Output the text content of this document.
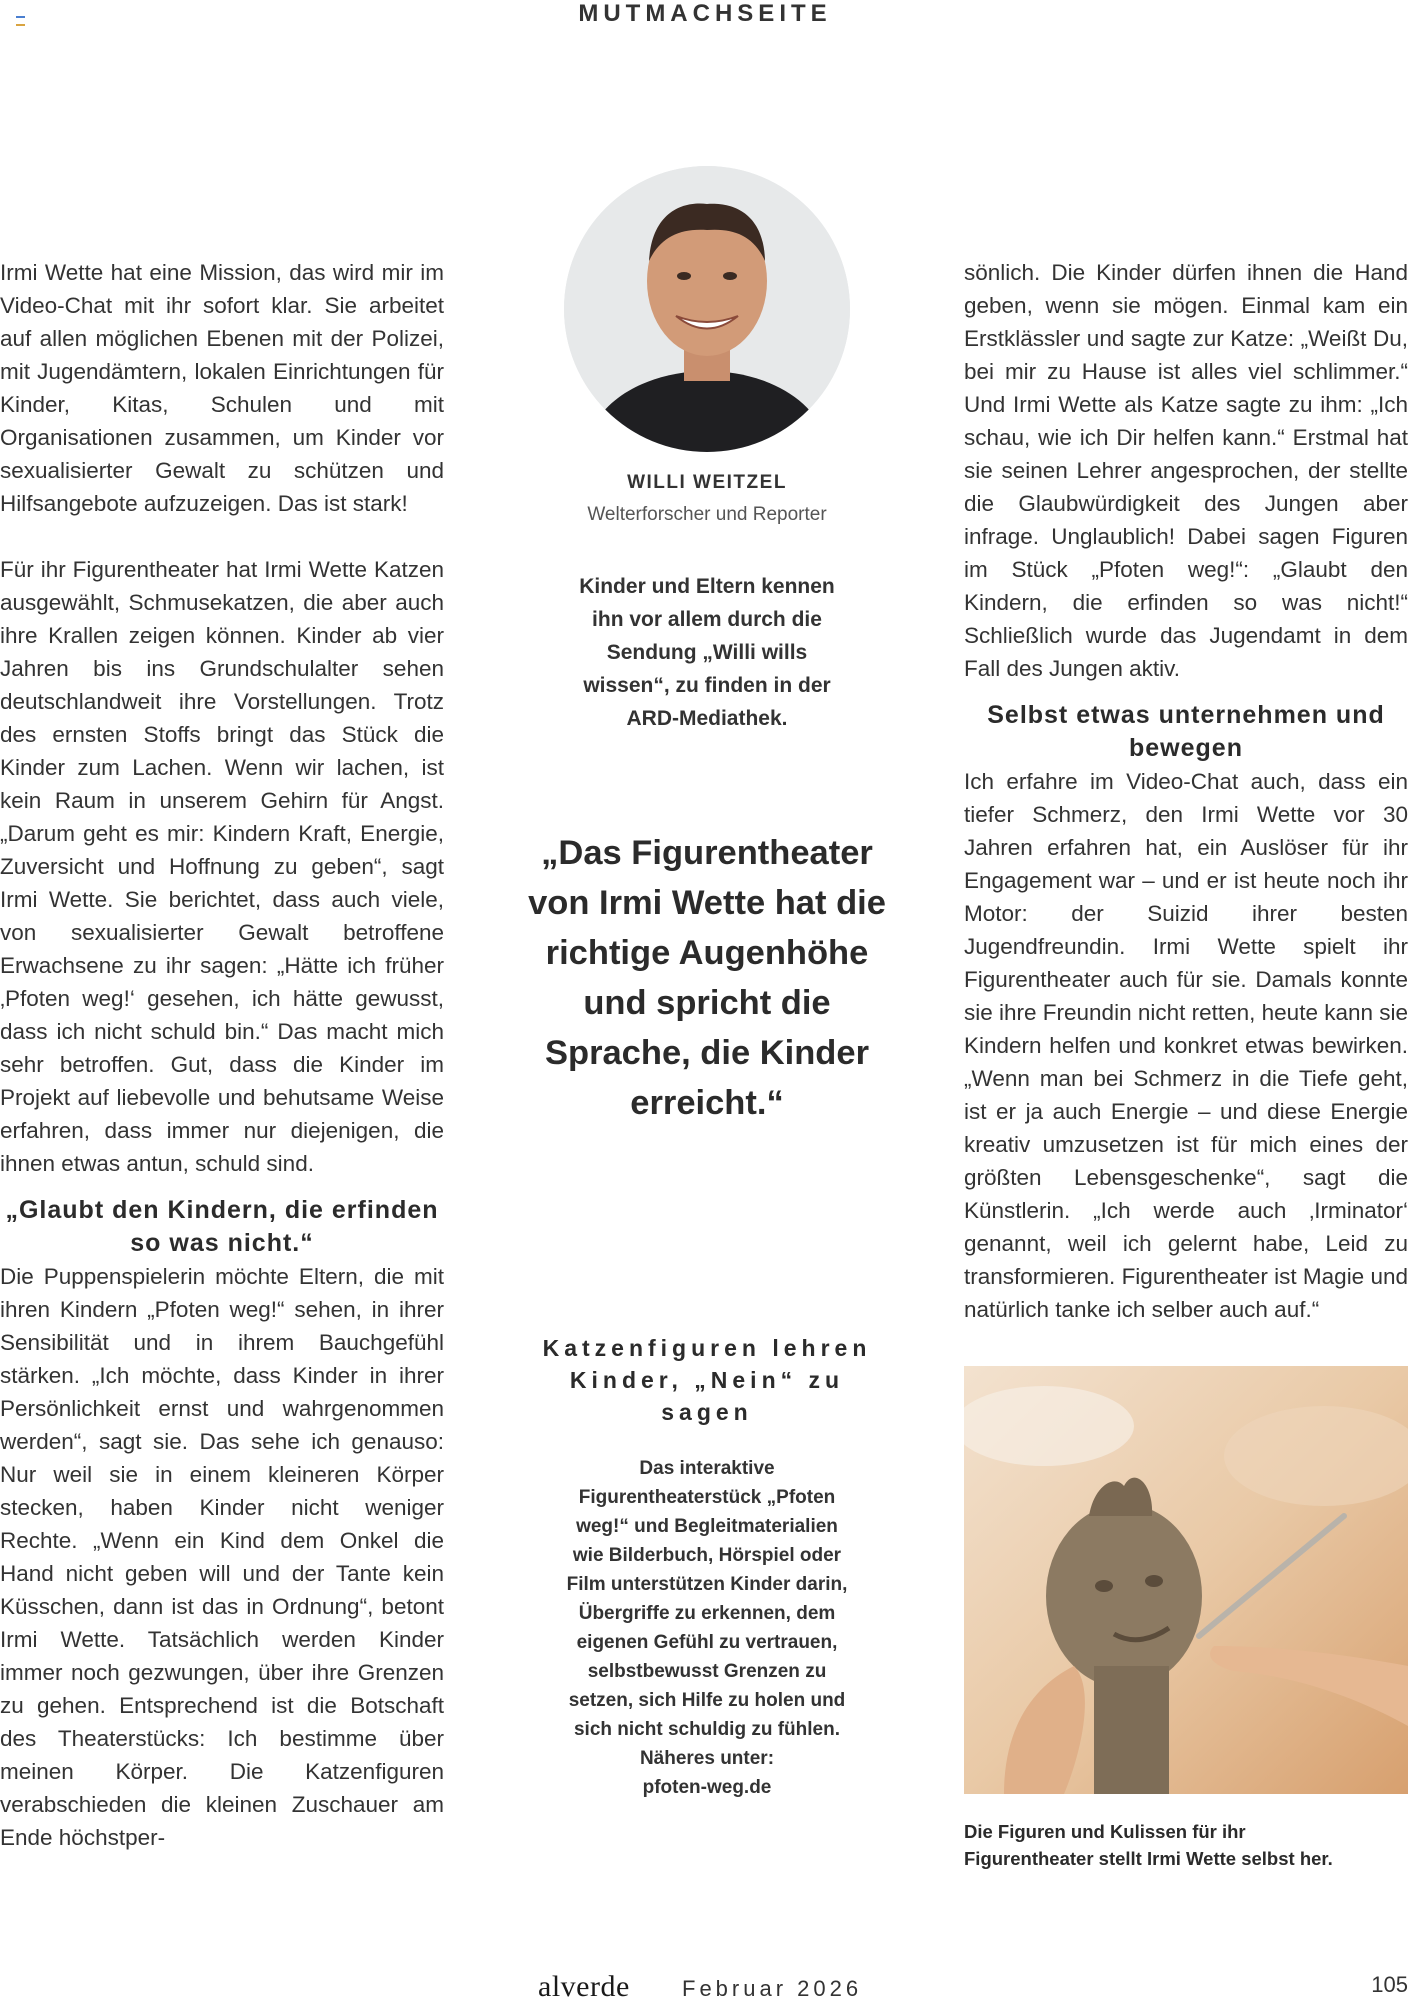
MUTMACHSEITE

Irmi Wette hat eine Mission, das wird mir im Video-Chat mit ihr sofort klar. Sie arbeitet auf allen möglichen Ebenen mit der Polizei, mit Jugendämtern, lokalen Einrichtungen für Kinder, Kitas, Schulen und mit Organisationen zusammen, um Kinder vor sexualisierter Gewalt zu schützen und Hilfsangebote aufzuzeigen. Das ist stark!

Für ihr Figurentheater hat Irmi Wette Katzen ausgewählt, Schmusekatzen, die aber auch ihre Krallen zeigen können. Kinder ab vier Jahren bis ins Grundschulalter sehen deutschlandweit ihre Vorstellungen. Trotz des ernsten Stoffs bringt das Stück die Kinder zum Lachen. Wenn wir lachen, ist kein Raum in unserem Gehirn für Angst. „Darum geht es mir: Kindern Kraft, Energie, Zuversicht und Hoffnung zu geben“, sagt Irmi Wette. Sie berichtet, dass auch viele, von sexualisierter Gewalt betroffene Erwachsene zu ihr sagen: „Hätte ich früher ‚Pfoten weg!‘ gesehen, ich hätte gewusst, dass ich nicht schuld bin.“ Das macht mich sehr betroffen. Gut, dass die Kinder im Projekt auf liebevolle und behutsame Weise erfahren, dass immer nur diejenigen, die ihnen etwas antun, schuld sind.

„Glaubt den Kindern, die erfinden so was nicht.“

Die Puppenspielerin möchte Eltern, die mit ihren Kindern „Pfoten weg!“ sehen, in ihrer Sensibilität und in ihrem Bauchgefühl stärken. „Ich möchte, dass Kinder in ihrer Persönlichkeit ernst und wahrgenommen werden“, sagt sie. Das sehe ich genauso: Nur weil sie in einem kleineren Körper stecken, haben Kinder nicht weniger Rechte. „Wenn ein Kind dem Onkel die Hand nicht geben will und der Tante kein Küsschen, dann ist das in Ordnung“, betont Irmi Wette. Tatsächlich werden Kinder immer noch gezwungen, über ihre Grenzen zu gehen. Entsprechend ist die Botschaft des Theaterstücks: Ich bestimme über meinen Körper. Die Katzenfiguren verabschieden die kleinen Zuschauer am Ende höchstper-

WILLI WEITZEL
Welterforscher und Reporter
Kinder und Eltern kennen ihn vor allem durch die Sendung „Willi wills wissen“, zu finden in der ARD-Mediathek.
„Das Figurentheater von Irmi Wette hat die richtige Augenhöhe und spricht die Sprache, die Kinder erreicht.“
Katzenfiguren lehren Kinder, „Nein“ zu sagen
Das interaktive Figurentheaterstück „Pfoten weg!“ und Begleitmaterialien wie Bilderbuch, Hörspiel oder Film unterstützen Kinder darin, Übergriffe zu erkennen, dem eigenen Gefühl zu vertrauen, selbstbewusst Grenzen zu setzen, sich Hilfe zu holen und sich nicht schuldig zu fühlen.
Näheres unter:
pfoten-weg.de

sönlich. Die Kinder dürfen ihnen die Hand geben, wenn sie mögen. Einmal kam ein Erstklässler und sagte zur Katze: „Weißt Du, bei mir zu Hause ist alles viel schlimmer.“ Und Irmi Wette als Katze sagte zu ihm: „Ich schau, wie ich Dir helfen kann.“ Erstmal hat sie seinen Lehrer angesprochen, der stellte die Glaubwürdigkeit des Jungen aber infrage. Unglaublich! Dabei sagen Figuren im Stück „Pfoten weg!“: „Glaubt den Kindern, die erfinden so was nicht!“ Schließlich wurde das Jugendamt in dem Fall des Jungen aktiv.

Selbst etwas unternehmen und bewegen

Ich erfahre im Video-Chat auch, dass ein tiefer Schmerz, den Irmi Wette vor 30 Jahren erfahren hat, ein Auslöser für ihr Engagement war – und er ist heute noch ihr Motor: der Suizid ihrer besten Jugendfreundin. Irmi Wette spielt ihr Figurentheater auch für sie. Damals konnte sie ihre Freundin nicht retten, heute kann sie Kindern helfen und konkret etwas bewirken. „Wenn man bei Schmerz in die Tiefe geht, ist er ja auch Energie – und diese Energie kreativ umzusetzen ist für mich eines der größten Lebensgeschenke“, sagt die Künstlerin. „Ich werde auch ‚Irminator‘ genannt, weil ich gelernt habe, Leid zu transformieren. Figurentheater ist Magie und natürlich tanke ich selber auch auf.“

Die Figuren und Kulissen für ihr Figurentheater stellt Irmi Wette selbst her.
alverde Februar 2026	105
